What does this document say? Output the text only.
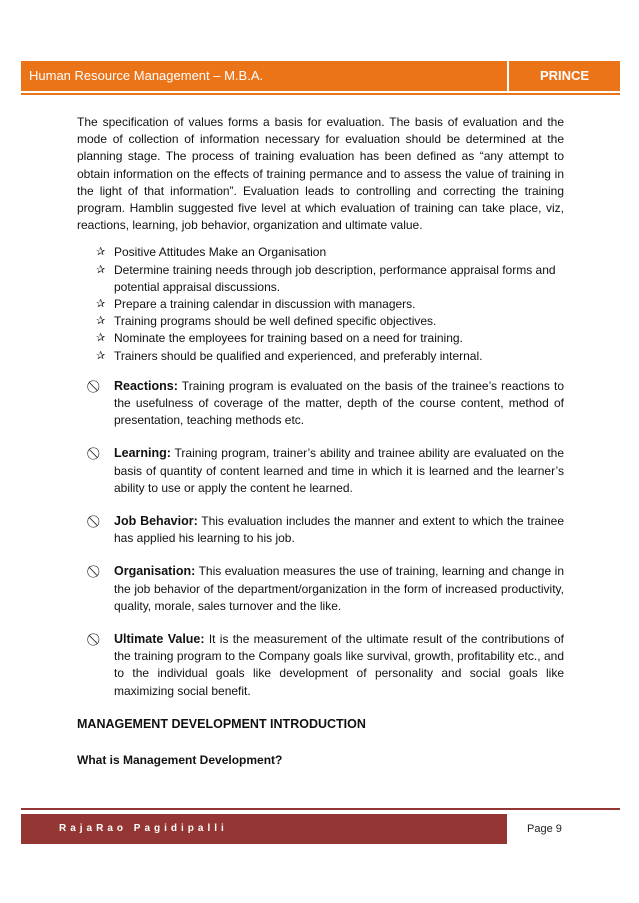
Human Resource Management – M.B.A.	PRINCE

The specification of values forms a basis for evaluation. The basis of evaluation and the mode of collection of information necessary for evaluation should be determined at the planning stage. The process of training evaluation has been defined as “any attempt to obtain information on the effects of training permance and to assess the value of training in the light of that information”. Evaluation leads to controlling and correcting the training program. Hamblin suggested five level at which evaluation of training can take place, viz, reactions, learning, job behavior, organization and ultimate value.

✰ Positive Attitudes Make an Organisation
✰ Determine training needs through job description, performance appraisal forms and potential appraisal discussions.
✰ Prepare a training calendar in discussion with managers.
✰ Training programs should be well defined specific objectives.
✰ Nominate the employees for training based on a need for training.
✰ Trainers should be qualified and experienced, and preferably internal.
Reactions: Training program is evaluated on the basis of the trainee’s reactions to the usefulness of coverage of the matter, depth of the course content, method of presentation, teaching methods etc.
Learning: Training program, trainer’s ability and trainee ability are evaluated on the basis of quantity of content learned and time in which it is learned and the learner’s ability to use or apply the content he learned.
Job Behavior: This evaluation includes the manner and extent to which the trainee has applied his learning to his job.
Organisation: This evaluation measures the use of training, learning and change in the job behavior of the department/organization in the form of increased productivity, quality, morale, sales turnover and the like.
Ultimate Value: It is the measurement of the ultimate result of the contributions of the training program to the Company goals like survival, growth, profitability etc., and to the individual goals like development of personality and social goals like maximizing social benefit.

MANAGEMENT DEVELOPMENT INTRODUCTION

What is Management Development?

RajaRao Pagidipalli	Page 9
